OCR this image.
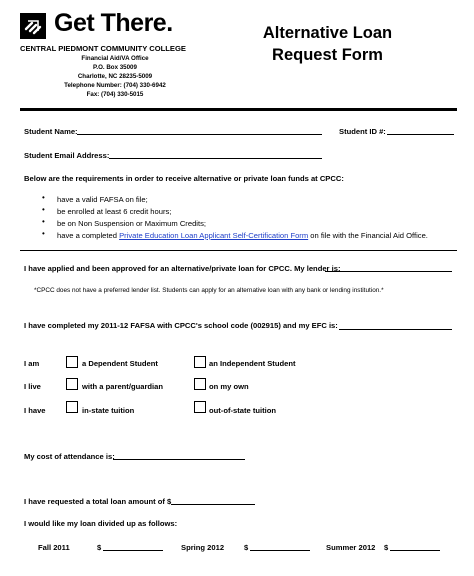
Get There.
CENTRAL PIEDMONT COMMUNITY COLLEGE
Financial Aid/VA Office
P.O. Box 35009
Charlotte, NC 28235-5009
Telephone Number: (704) 330-6942
Fax: (704) 330-5015
Alternative Loan
Request Form
Student Name:	Student ID #:
Student Email Address:
Below are the requirements in order to receive alternative or private loan funds at CPCC:
• have a valid FAFSA on file;
• be enrolled at least 6 credit hours;
• be on Non Suspension or Maximum Credits;
• have a completed Private Education Loan Applicant Self-Certification Form on file with the Financial Aid Office.
I have applied and been approved for an alternative/private loan for CPCC. My lender is:
*CPCC does not have a preferred lender list. Students can apply for an alternative loan with any bank or lending institution.*
I have completed my 2011-12 FAFSA with CPCC's school code (002915) and my EFC is:
I am	a Dependent Student	an Independent Student
I live	with a parent/guardian	on my own
I have	in-state tuition	out-of-state tuition
My cost of attendance is:
I have requested a total loan amount of $
I would like my loan divided up as follows:
Fall 2011	$	Spring 2012	$	Summer 2012 $
